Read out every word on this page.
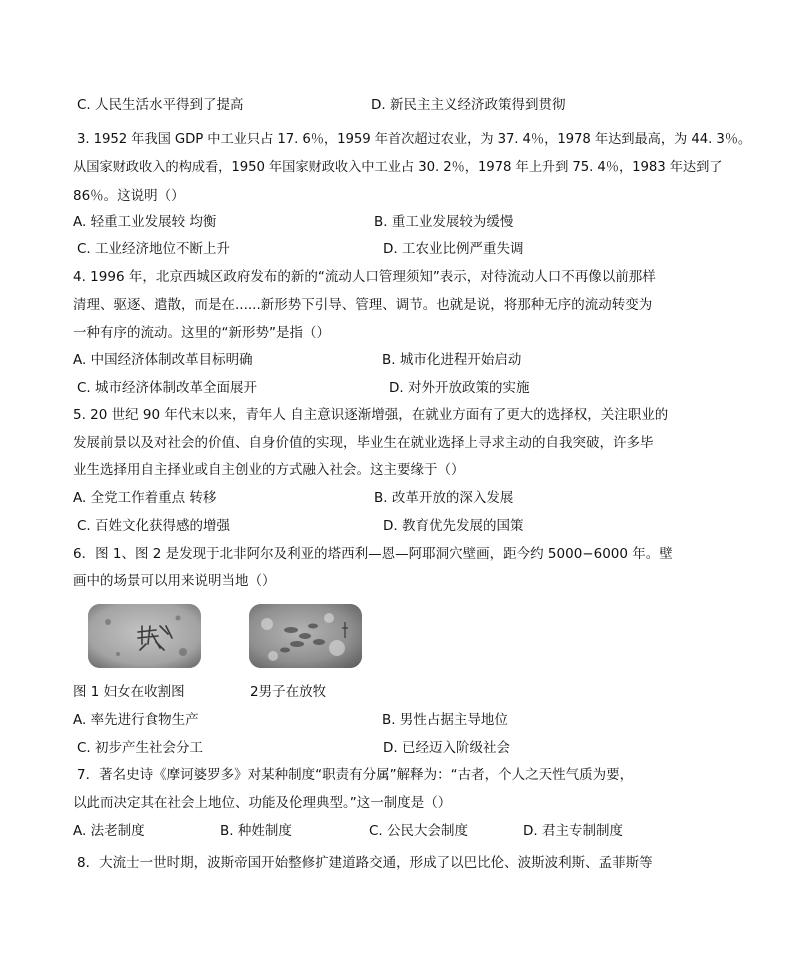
C. 人民生活水平得到了提高	D. 新民主主义经济政策得到贯彻
3. 1952 年我国 GDP 中工业只占 17. 6％，1959 年首次超过农业，为 37. 4％，1978 年达到最高，为 44. 3％。
从国家财政收入的构成看，1950 年国家财政收入中工业占 30. 2％，1978 年上升到 75. 4％，1983 年达到了
86％。这说明（）
A. 轻重工业发展较 均衡	B. 重工业发展较为缓慢
C. 工业经济地位不断上升	D. 工农业比例严重失调
4. 1996 年，北京西城区政府发布的新的“流动人口管理须知”表示，对待流动人口不再像以前那样
清理、驱逐、遣散，而是在......新形势下引导、管理、调节。也就是说，将那种无序的流动转变为
一种有序的流动。这里的“新形势”是指（）
A. 中国经济体制改革目标明确	B. 城市化进程开始启动
C. 城市经济体制改革全面展开	D. 对外开放政策的实施
5. 20 世纪 90 年代末以来，青年人 自主意识逐渐增强，在就业方面有了更大的选择权，关注职业的
发展前景以及对社会的价值、自身价值的实现，毕业生在就业选择上寻求主动的自我突破，许多毕
业生选择用自主择业或自主创业的方式融入社会。这主要缘于（）
A. 全党工作着重点 转移	B. 改革开放的深入发展
C. 百姓文化获得感的增强	D. 教育优先发展的国策
6．图 1、图 2 是发现于北非阿尔及利亚的塔西利—恩—阿耶洞穴壁画，距今约 5000−6000 年。壁
画中的场景可以用来说明当地（）
图 1 妇女在收割图	2男子在放牧
A. 率先进行食物生产	B. 男性占据主导地位
C. 初步产生社会分工	D. 已经迈入阶级社会
7．著名史诗《摩诃婆罗多》对某种制度“职责有分属”解释为：“古者，个人之天性气质为要，
以此而决定其在社会上地位、功能及伦理典型。”这一制度是（）
A. 法老制度	B. 种姓制度	C. 公民大会制度	D. 君主专制制度
8．大流士一世时期，波斯帝国开始整修扩建道路交通，形成了以巴比伦、波斯波利斯、孟菲斯等
